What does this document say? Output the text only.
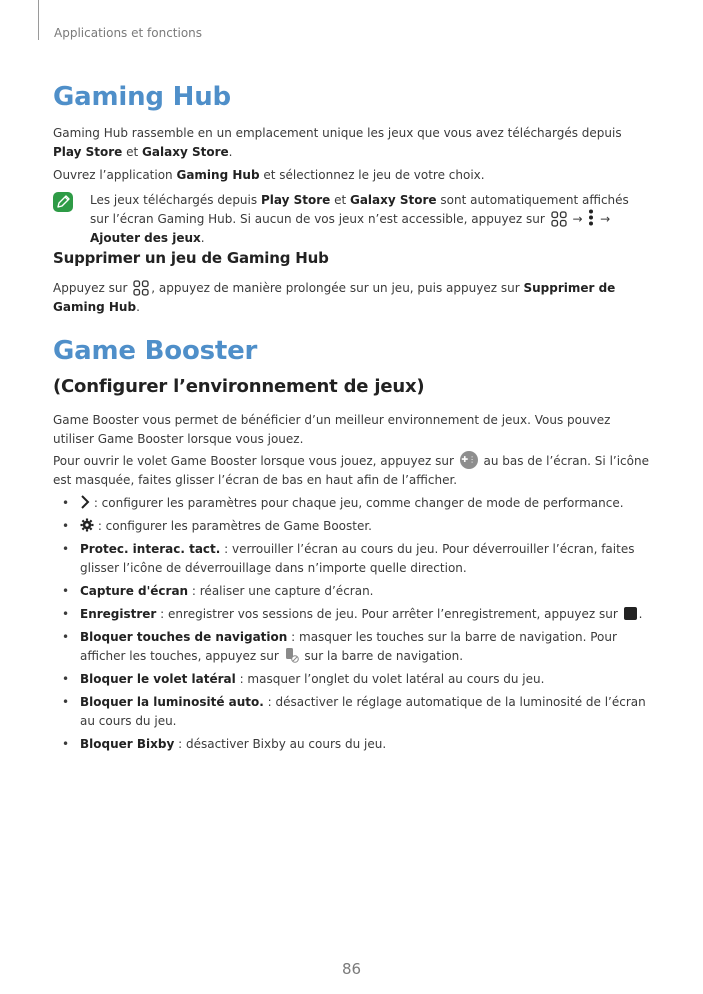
Applications et fonctions
Gaming Hub
Gaming Hub rassemble en un emplacement unique les jeux que vous avez téléchargés depuis Play Store et Galaxy Store.
Ouvrez l’application Gaming Hub et sélectionnez le jeu de votre choix.
Les jeux téléchargés depuis Play Store et Galaxy Store sont automatiquement affichés sur l’écran Gaming Hub. Si aucun de vos jeux n’est accessible, appuyez sur  →  → Ajouter des jeux.
Supprimer un jeu de Gaming Hub
Appuyez sur , appuyez de manière prolongée sur un jeu, puis appuyez sur Supprimer de Gaming Hub.
Game Booster
(Configurer l’environnement de jeux)
Game Booster vous permet de bénéficier d’un meilleur environnement de jeux. Vous pouvez utiliser Game Booster lorsque vous jouez.
Pour ouvrir le volet Game Booster lorsque vous jouez, appuyez sur ✚⋮ au bas de l’écran. Si l’icône est masquée, faites glisser l’écran de bas en haut afin de l’afficher.
• : configurer les paramètres pour chaque jeu, comme changer de mode de performance.
• : configurer les paramètres de Game Booster.
• Protec. interac. tact. : verrouiller l’écran au cours du jeu. Pour déverrouiller l’écran, faites glisser l’icône de déverrouillage dans n’importe quelle direction.
• Capture d'écran : réaliser une capture d’écran.
• Enregistrer : enregistrer vos sessions de jeu. Pour arrêter l’enregistrement, appuyez sur .
• Bloquer touches de navigation : masquer les touches sur la barre de navigation. Pour afficher les touches, appuyez sur  sur la barre de navigation.
• Bloquer le volet latéral : masquer l’onglet du volet latéral au cours du jeu.
• Bloquer la luminosité auto. : désactiver le réglage automatique de la luminosité de l’écran au cours du jeu.
• Bloquer Bixby : désactiver Bixby au cours du jeu.
86
